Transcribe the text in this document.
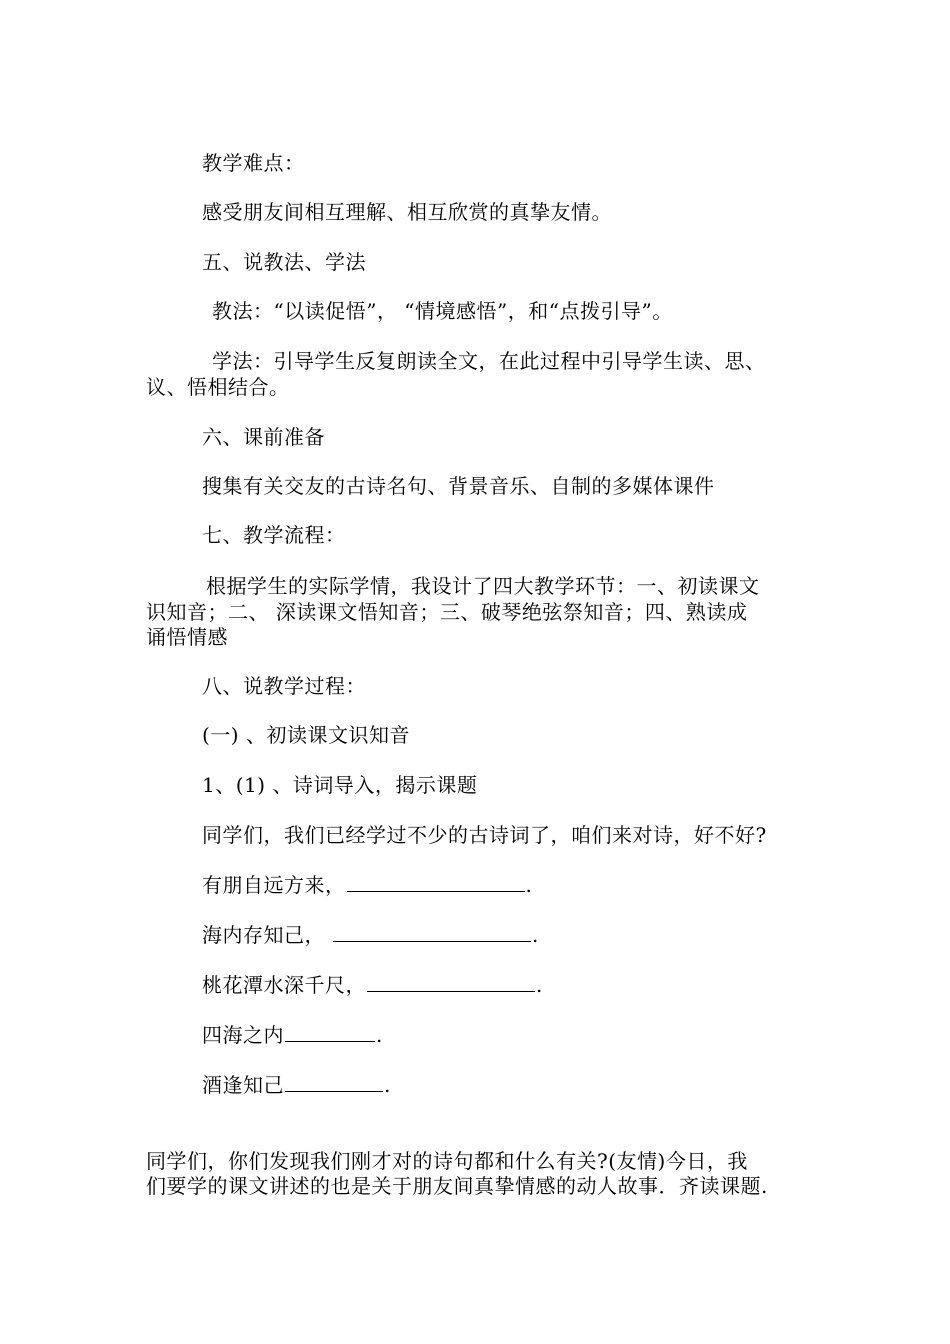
教学难点：
感受朋友间相互理解、相互欣赏的真挚友情。
五、说教法、学法
教法：“以读促悟”， “情境感悟”，和“点拨引导”。
学法：引导学生反复朗读全文，在此过程中引导学生读、思、
议、悟相结合。
六、课前准备
搜集有关交友的古诗名句、背景音乐、自制的多媒体课件
七、教学流程：
根据学生的实际学情，我设计了四大教学环节：一、初读课文
识知音；二、 深读课文悟知音；三、破琴绝弦祭知音；四、熟读成
诵悟情感
八、说教学过程：
(一) 、初读课文识知音
1、(1) 、诗词导入，揭示课题
同学们，我们已经学过不少的古诗词了，咱们来对诗，好不好?
有朋自远方来，	.
海内存知己，	.
桃花潭水深千尺，	.
四海之内	.
酒逢知己	.
同学们，你们发现我们刚才对的诗句都和什么有关?(友情)今日，我
们要学的课文讲述的也是关于朋友间真挚情感的动人故事．齐读课题.
